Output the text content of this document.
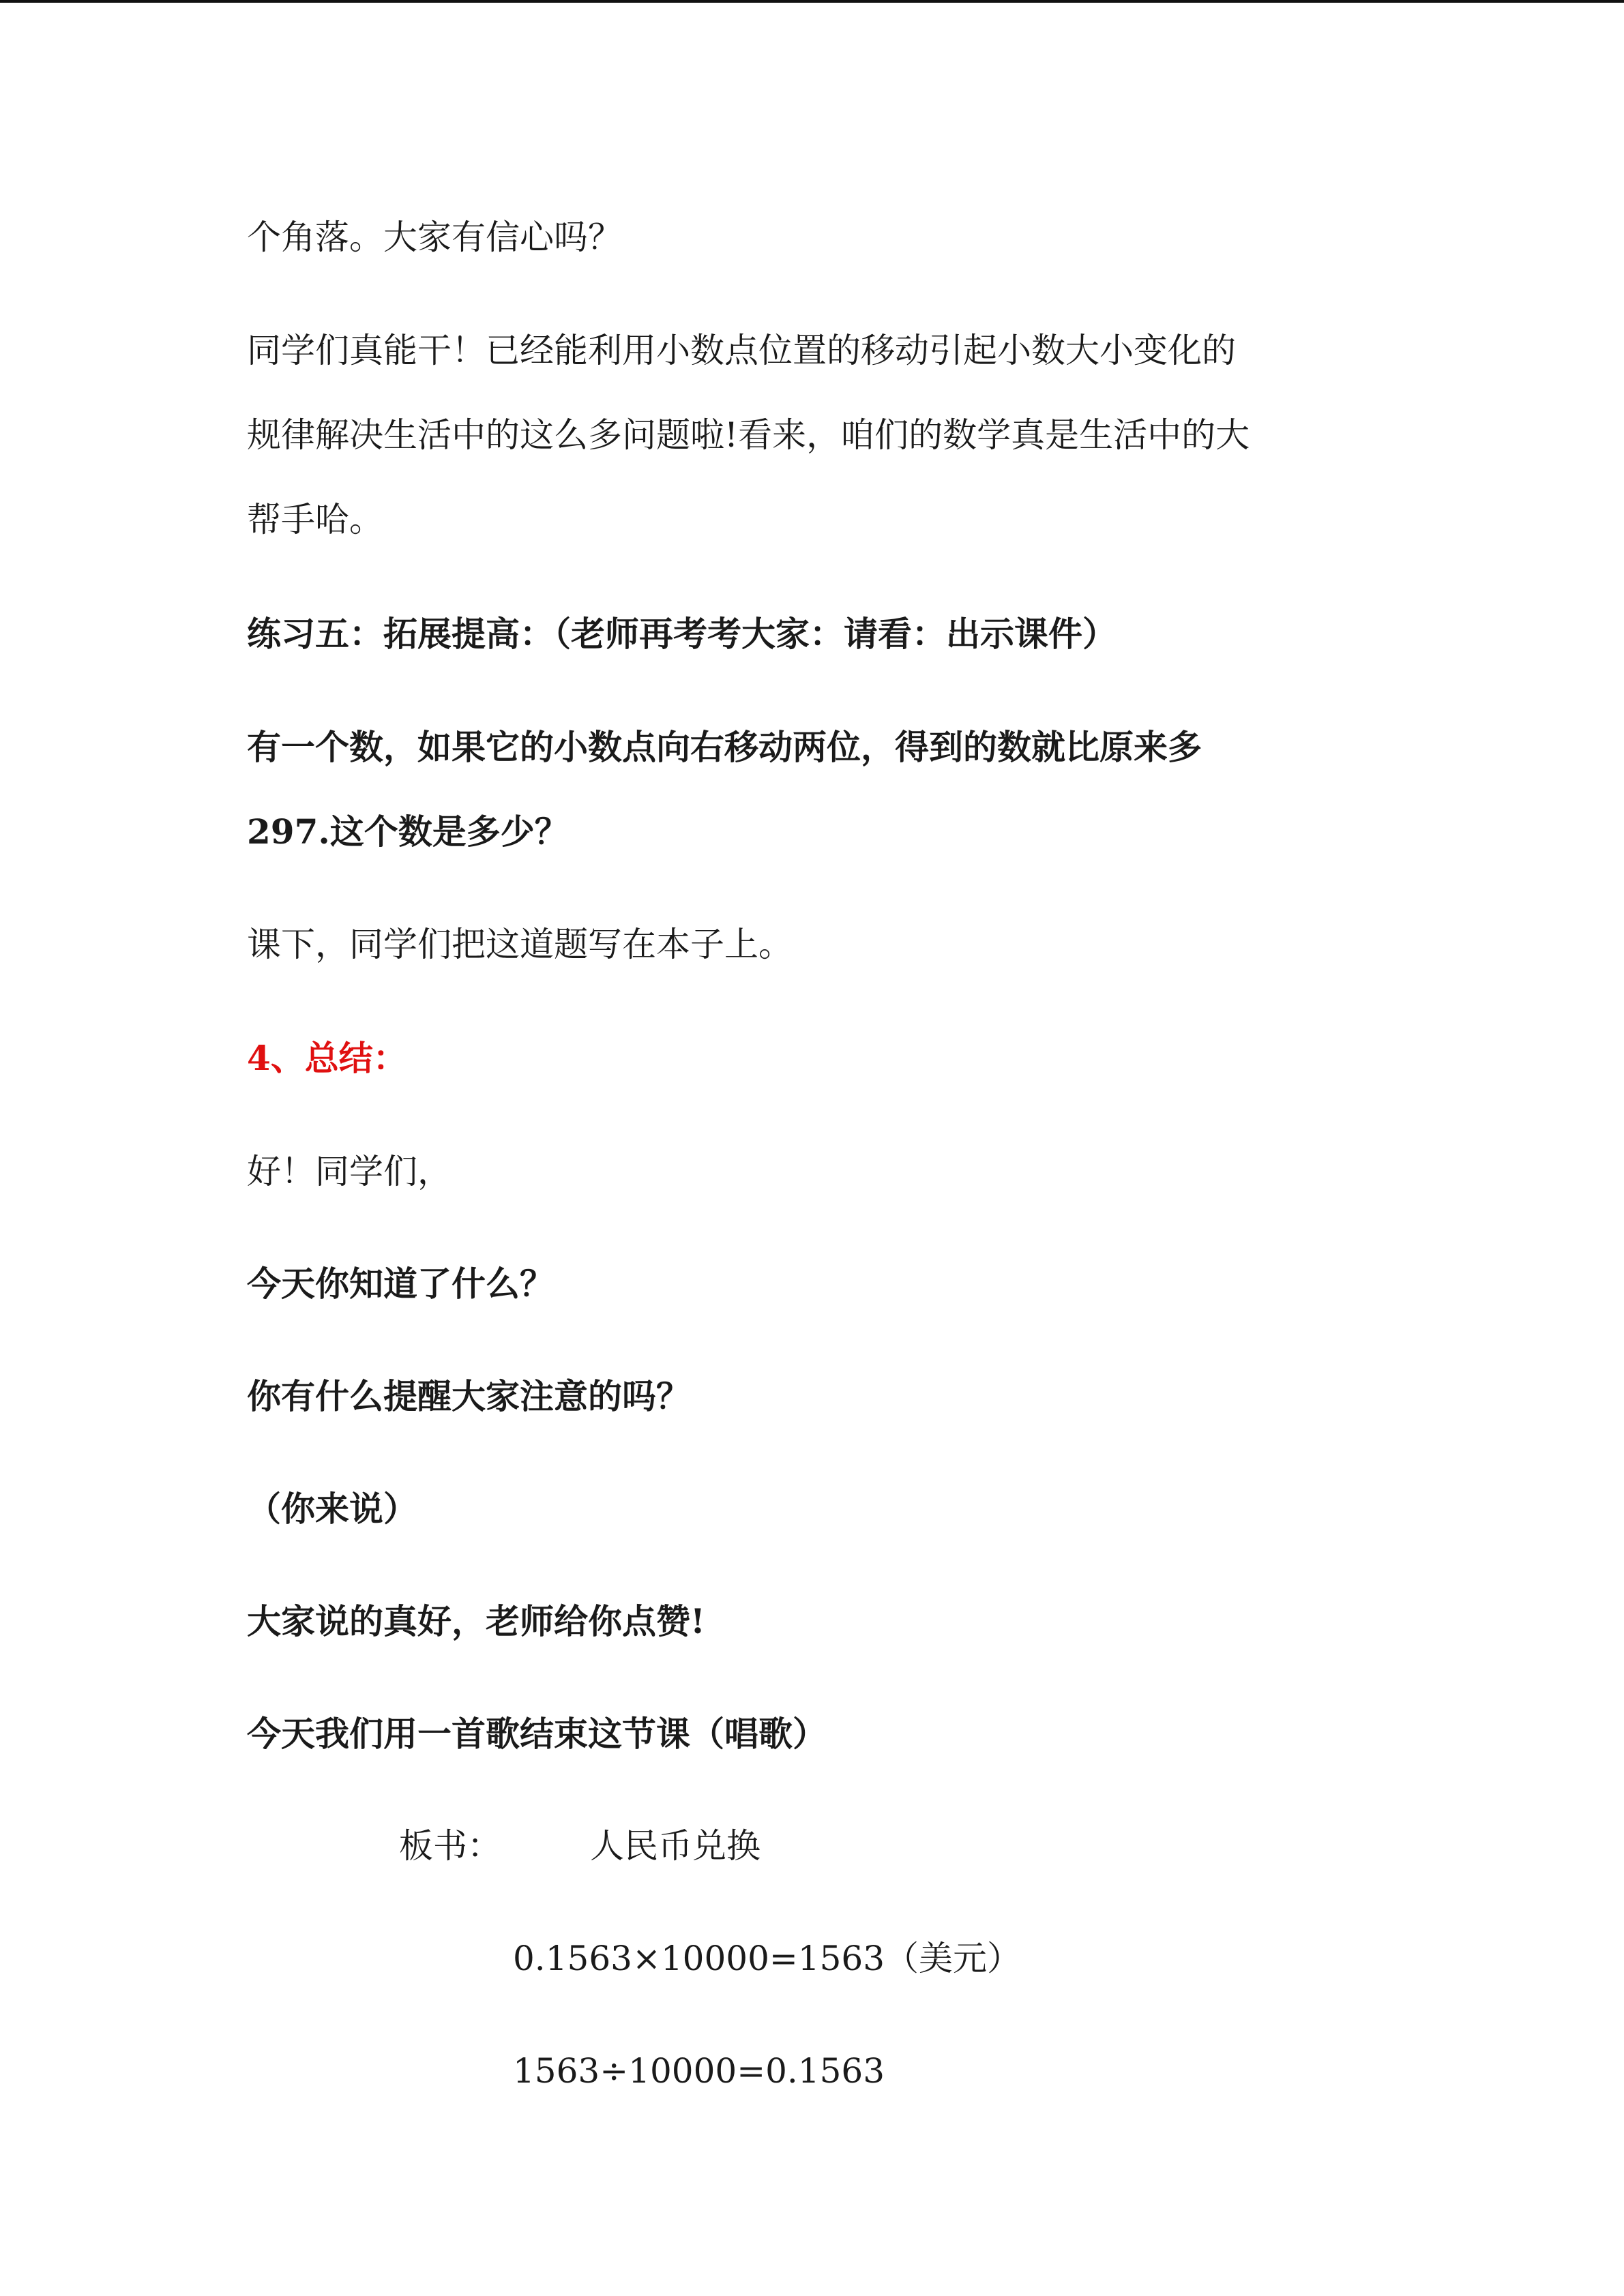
个角落。大家有信心吗？
同学们真能干！已经能利用小数点位置的移动引起小数大小变化的
规律解决生活中的这么多问题啦!看来，咱们的数学真是生活中的大
帮手哈。
练习五：拓展提高：（老师再考考大家：请看：出示课件）
有一个数，如果它的小数点向右移动两位，得到的数就比原来多
297.这个数是多少？
课下，同学们把这道题写在本子上。
4、总结：
好！同学们，
今天你知道了什么？
你有什么提醒大家注意的吗？
（你来说）
大家说的真好，老师给你点赞!
今天我们用一首歌结束这节课（唱歌）
板书：	人民币兑换
0.1563×10000=1563（美元）
1563÷10000=0.1563
